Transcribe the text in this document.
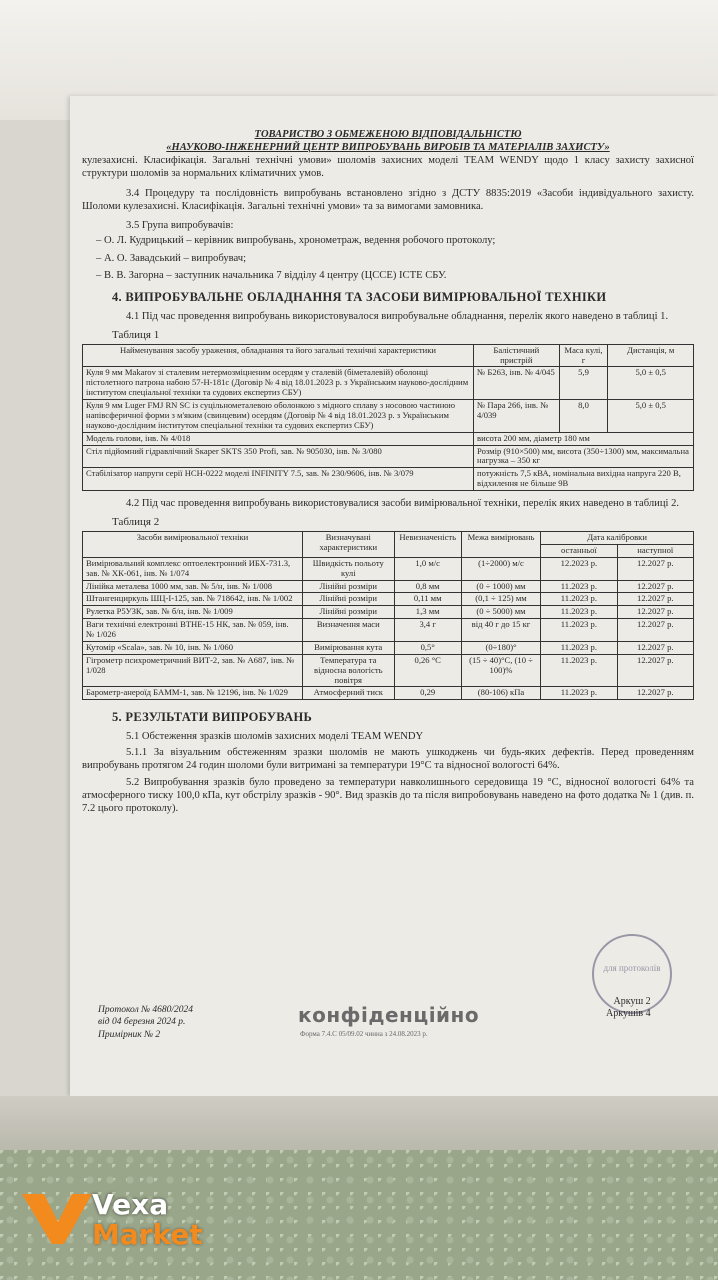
ТОВАРИСТВО З ОБМЕЖЕНОЮ ВІДПОВІДАЛЬНІСТЮ
«НАУКОВО-ІНЖЕНЕРНИЙ ЦЕНТР ВИПРОБУВАНЬ ВИРОБІВ ТА МАТЕРІАЛІВ ЗАХИСТУ»

кулезахисні. Класифікація. Загальні технічні умови» шоломів захисних моделі TEAM WENDY щодо 1 класу захисту захисної структури шоломів за нормальних кліматичних умов.

3.4 Процедуру та послідовність випробувань встановлено згідно з ДСТУ 8835:2019 «Засоби індивідуального захисту. Шоломи кулезахисні. Класифікація. Загальні технічні умови» та за вимогами замовника.

3.5 Група випробувачів:

– О. Л. Кудрицький – керівник випробувань, хронометраж, ведення робочого протоколу;
– А. О. Завадський – випробувач;
– В. В. Загорна – заступник начальника 7 відділу 4 центру (ЦССЕ) ІСТЕ СБУ.
4. ВИПРОБУВАЛЬНЕ ОБЛАДНАННЯ ТА ЗАСОБИ ВИМІРЮВАЛЬНОЇ ТЕХНІКИ

4.1 Під час проведення випробувань використовувалося випробувальне обладнання, перелік якого наведено в таблиці 1.

Таблиця 1
Найменування засобу ураження, обладнання та його загальні технічні характеристики	Балістичний пристрій	Маса кулі, г	Дистанція, м
Куля 9 мм Makarov зі сталевим нетермозміцненим осердям у сталевій (біметалевій) оболонці пістолетного патрона набою 57-Н-181с (Договір № 4 від 18.01.2023 р. з Українським науково-дослідним інститутом спеціальної техніки та судових експертиз СБУ)	№ Б263, інв. № 4/045	5,9	5,0 ± 0,5
Куля 9 мм Luger FMJ RN SC із суцільнометалевою оболонкою з мідного сплаву з носовою частиною напівсферичної форми з м'яким (свинцевим) осердям (Договір № 4 від 18.01.2023 р. з Українським науково-дослідним інститутом спеціальної техніки та судових експертиз СБУ)	№ Пара 266, інв. № 4/039	8,0	5,0 ± 0,5
Модель голови, інв. № 4/018	висота 200 мм, діаметр 180 мм		
Стіл підйомний гідравлічний Sкaper SKTS 350 Profi, зав. № 905030, інв. № 3/080	Розмір (910×500) мм, висота (350÷1300) мм, максимальна нагрузка – 350 кг		
Стабілізатор напруги серії HCH-0222 моделі INFINITY 7.5, зав. № 230/9606, інв. № 3/079	потужність 7,5 кВА, номінальна вихідна напруга 220 В, відхилення не більше 9В		

4.2 Під час проведення випробувань використовувалися засоби вимірювальної техніки, перелік яких наведено в таблиці 2.

Таблиця 2
Засоби вимірювальної техніки	Визначувані характеристики	Невизначеність	Межа вимірювань	Дата калібровки	
				останньої	наступної
Вимірювальний комплекс оптоелектронний ИБХ-731.3, зав. № ХК-061, інв. № 1/074	Швидкість польоту кулі	1,0 м/с	(1÷2000) м/с	12.2023 р.	12.2027 р.
Лінійка металева 1000 мм, зав. № 5/н, інв. № 1/008	Лінійні розміри	0,8 мм	(0 ÷ 1000) мм	11.2023 р.	12.2027 р.
Штангенциркуль ШЦ-І-125, зав. № 718642, інв. № 1/002	Лінійні розміри	0,11 мм	(0,1 ÷ 125) мм	11.2023 р.	12.2027 р.
Рулетка Р5УЗК, зав. № б/н, інв. № 1/009	Лінійні розміри	1,3 мм	(0 ÷ 5000) мм	11.2023 р.	12.2027 р.
Ваги технічні електронні ВТНЕ-15 НК, зав. № 059, інв. № 1/026	Визначення маси	3,4 г	від 40 г до 15 кг	11.2023 р.	12.2027 р.
Кутомір «Scala», зав. № 10, інв. № 1/060	Вимірювання кута	0,5°	(0÷180)°	11.2023 р.	12.2027 р.
Гігрометр психрометричний ВИТ-2, зав. № А687, інв. № 1/028	Температура та відносна вологість повітря	0,26 °С	(15 ÷ 40)°С, (10 ÷ 100)%	11.2023 р.	12.2027 р.
Барометр-анероїд БАММ-1, зав. № 12196, інв. № 1/029	Атмосферний тиск	0,29	(80-106) кПа	11.2023 р.	12.2027 р.
5. РЕЗУЛЬТАТИ ВИПРОБУВАНЬ

5.1 Обстеження зразків шоломів захисних моделі TEAM WENDY

5.1.1 За візуальним обстеженням зразки шоломів не мають ушкоджень чи будь-яких дефектів. Перед проведенням випробувань протягом 24 годин шоломи були витримані за температури 19°С та відносної вологості 64%.

5.2 Випробування зразків було проведено за температури навколишнього середовища 19 °С, відносної вологості 64% та атмосферного тиску 100,0 кПа, кут обстрілу зразків - 90°. Вид зразків до та після випробовувань наведено на фото додатка № 1 (див. п. 7.2 цього протоколу).

для протоколів
Протокол № 4680/2024
від 04 березня 2024 р.
Примірник № 2
конфіденційно
Форма 7.4.С 05/09.02 чинна з 24.08.2023 р.
Аркуш 2
Аркушів 4
Vexa
Market
